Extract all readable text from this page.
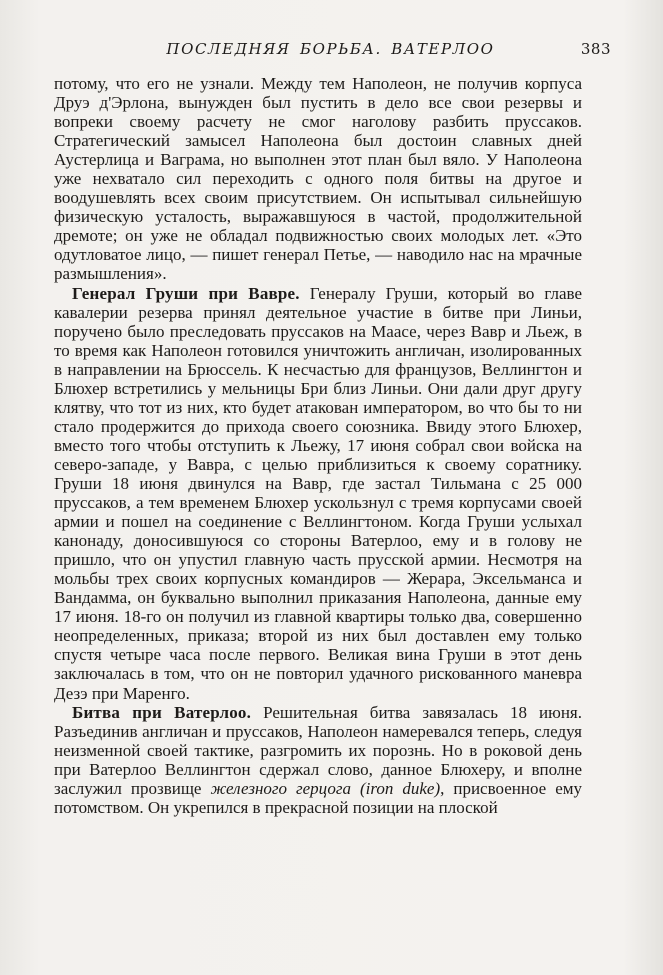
ПОСЛЕДНЯЯ БОРЬБА. ВАТЕРЛОО	383

потому, что его не узнали. Между тем Наполеон, не получив корпуса Друэ д'Эрлона, вынужден был пустить в дело все свои резервы и вопреки своему расчету не смог наголову разбить пруссаков. Стратегический замысел Наполеона был достоин славных дней Аустерлица и Ваграма, но выполнен этот план был вяло. У Наполеона уже нехватало сил переходить с одного поля битвы на другое и воодушевлять всех своим присутствием. Он испытывал сильнейшую физическую усталость, выражавшуюся в частой, продолжительной дремоте; он уже не обладал подвижностью своих молодых лет. «Это одутловатое лицо, — пишет генерал Петье, — наводило нас на мрачные размышления».

Генерал Груши при Вавре. Генералу Груши, который во главе кавалерии резерва принял деятельное участие в битве при Линьи, поручено было преследовать пруссаков на Маасе, через Вавр и Льеж, в то время как Наполеон готовился уничтожить англичан, изолированных в направлении на Брюссель. К несчастью для французов, Веллингтон и Блюхер встретились у мельницы Бри близ Линьи. Они дали друг другу клятву, что тот из них, кто будет атакован императором, во что бы то ни стало продержится до прихода своего союзника. Ввиду этого Блюхер, вместо того чтобы отступить к Льежу, 17 июня собрал свои войска на северо-западе, у Вавра, с целью приблизиться к своему соратнику. Груши 18 июня двинулся на Вавр, где застал Тильмана с 25 000 пруссаков, а тем временем Блюхер ускользнул с тремя корпусами своей армии и пошел на соединение с Веллингтоном. Когда Груши услыхал канонаду, доносившуюся со стороны Ватерлоо, ему и в голову не пришло, что он упустил главную часть прусской армии. Несмотря на мольбы трех своих корпусных командиров — Жерара, Эксельманса и Вандамма, он буквально выполнил приказания Наполеона, данные ему 17 июня. 18-го он получил из главной квартиры только два, совершенно неопределенных, приказа; второй из них был доставлен ему только спустя четыре часа после первого. Великая вина Груши в этот день заключалась в том, что он не повторил удачного рискованного маневра Дезэ при Маренго.

Битва при Ватерлоо. Решительная битва завязалась 18 июня. Разъединив англичан и пруссаков, Наполеон намеревался теперь, следуя неизменной своей тактике, разгромить их порознь. Но в роковой день при Ватерлоо Веллингтон сдержал слово, данное Блюхеру, и вполне заслужил прозвище железного герцога (iron duke), присвоенное ему потомством. Он укрепился в прекрасной позиции на плоской
